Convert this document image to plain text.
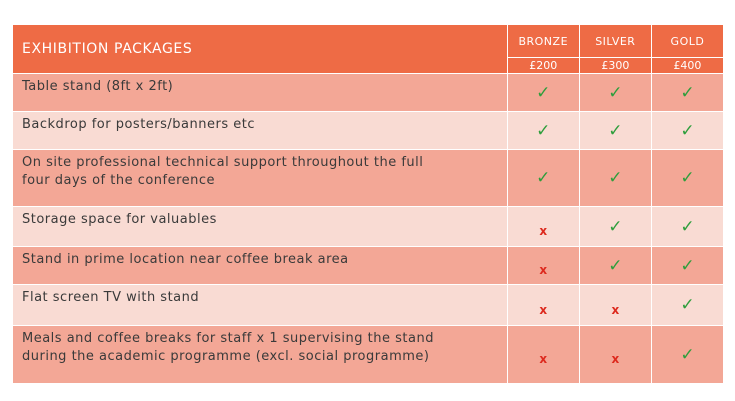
EXHIBITION PACKAGES	BRONZE	SILVER	GOLD
	£200	£300	£400
Table stand (8ft x 2ft)	✓	✓	✓
Backdrop for posters/banners etc	✓	✓	✓

On site professional technical support throughout the full
four days of the conference	✓	✓	✓
Storage space for valuables	x	✓	✓
Stand in prime location near coffee break area	x	✓	✓
Flat screen TV with stand	x	x	✓

Meals and coffee breaks for staff x 1 supervising the stand
during the academic programme (excl. social programme)	x	x	✓
